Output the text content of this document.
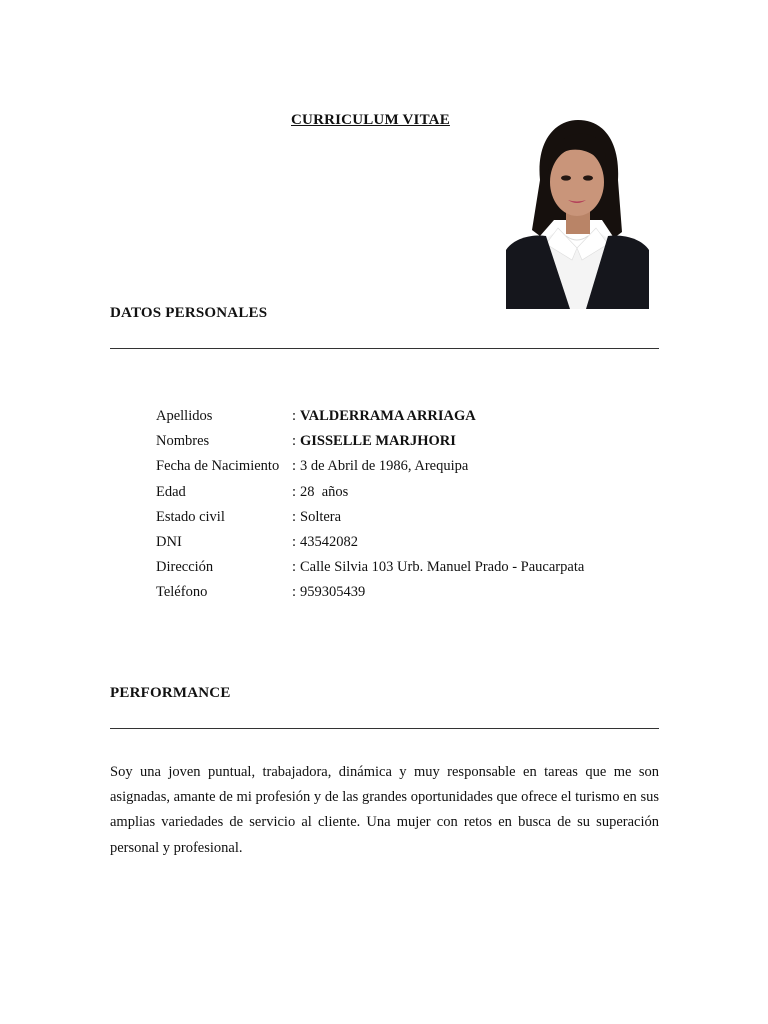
CURRICULUM VITAE
DATOS PERSONALES
Apellidos	:	VALDERRAMA ARRIAGA
Nombres	:	GISSELLE MARJHORI
Fecha de Nacimiento	:	3 de Abril de 1986, Arequipa
Edad	:	28  años
Estado civil	:	Soltera
DNI	:	43542082
Dirección	:	Calle Silvia 103 Urb. Manuel Prado - Paucarpata
Teléfono	:	959305439
PERFORMANCE

Soy una joven puntual, trabajadora, dinámica y muy responsable en tareas que me son asignadas, amante de mi profesión y de las grandes oportunidades que ofrece el turismo en sus amplias variedades de servicio al cliente. Una mujer con retos en busca de su superación personal y profesional.
